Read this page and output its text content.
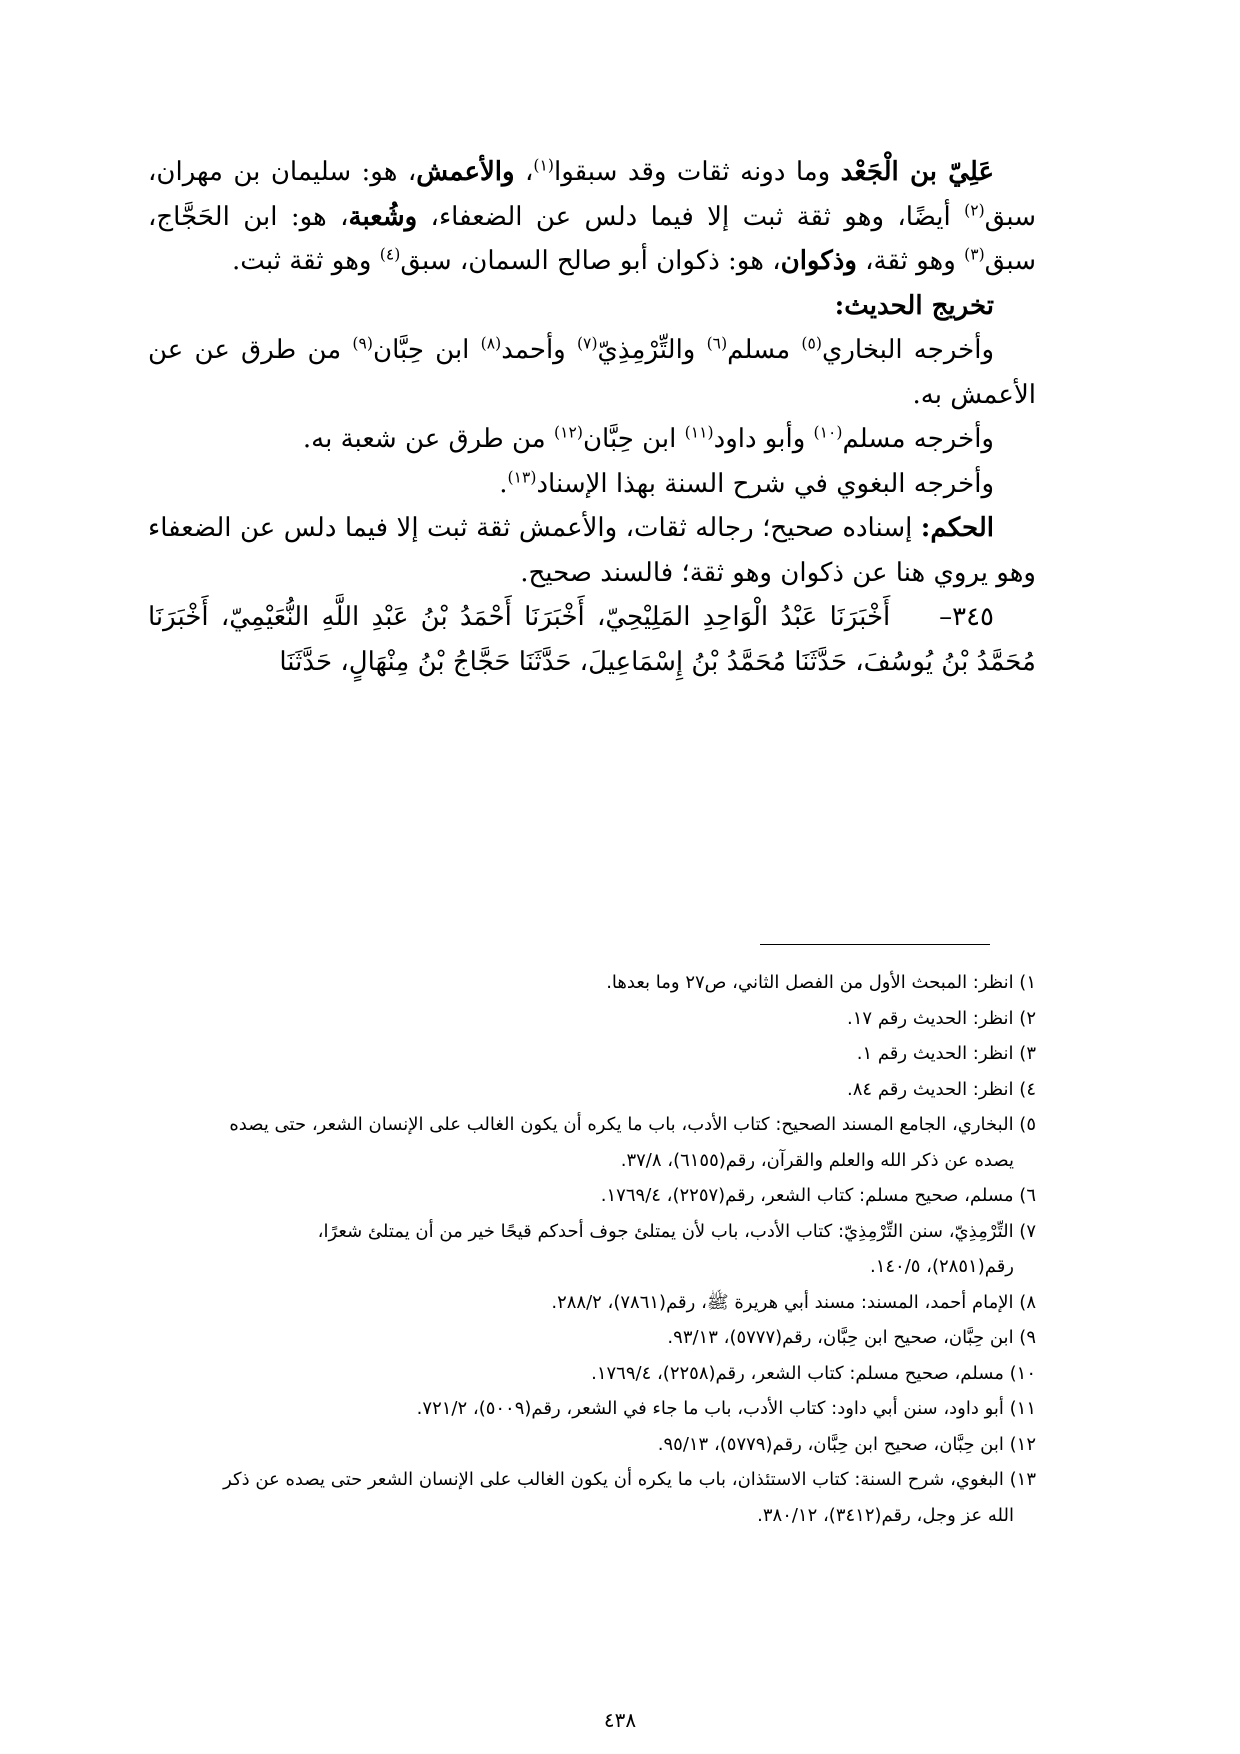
عَلِيّ بن الْجَعْد وما دونه ثقات وقد سبقوا$^{(١)}$، والأعمش، هو: سليمان بن مهران، سبق$^{(٢)}$ أيضًا، وهو ثقة ثبت إلا فيما دلس عن الضعفاء، وشُعبة، هو: ابن الحَجَّاج، سبق$^{(٣)}$ وهو ثقة، وذكوان، هو: ذكوان أبو صالح السمان، سبق$^{(٤)}$ وهو ثقة ثبت.

تخريج الحديث:

وأخرجه البخاري$^{(٥)}$ مسلم$^{(٦)}$ والتِّرْمِذِيّ$^{(٧)}$ وأحمد$^{(٨)}$ ابن حِبَّان$^{(٩)}$ من طرق عن عن الأعمش به.

وأخرجه مسلم$^{(١٠)}$ وأبو داود$^{(١١)}$ ابن حِبَّان$^{(١٢)}$ من طرق عن شعبة به.

وأخرجه البغوي في شرح السنة بهذا الإسناد$^{(١٣)}$.

الحكم: إسناده صحيح؛ رجاله ثقات، والأعمش ثقة ثبت إلا فيما دلس عن الضعفاء وهو يروي هنا عن ذكوان وهو ثقة؛ فالسند صحيح.

٣٤٥–    أَخْبَرَنَا عَبْدُ الْوَاحِدِ المَلِيْحِيّ، أَخْبَرَنَا أَحْمَدُ بْنُ عَبْدِ اللَّهِ النُّعَيْمِيّ، أَخْبَرَنَا مُحَمَّدُ بْنُ يُوسُفَ، حَدَّثَنَا مُحَمَّدُ بْنُ إِسْمَاعِيلَ، حَدَّثَنَا حَجَّاجُ بْنُ مِنْهَالٍ، حَدَّثَنَا

١) انظر: المبحث الأول من الفصل الثاني، ص٢٧ وما بعدها.

٢) انظر: الحديث رقم ١٧.

٣) انظر: الحديث رقم ١.

٤) انظر: الحديث رقم ٨٤.

٥) البخاري، الجامع المسند الصحيح: كتاب الأدب، باب ما يكره أن يكون الغالب على الإنسان الشعر، حتى يصده

يصده عن ذكر الله والعلم والقرآن، رقم(٦١٥٥)، ٣٧/٨.

٦) مسلم، صحيح مسلم: كتاب الشعر، رقم(٢٢٥٧)، ١٧٦٩/٤.

٧) التِّرْمِذِيّ، سنن التِّرْمِذِيّ: كتاب الأدب، باب لأن يمتلئ جوف أحدكم قيحًا خير من أن يمتلئ شعرًا،

رقم(٢٨٥١)، ١٤٠/٥.

٨) الإمام أحمد، المسند: مسند أبي هريرة ﷺ، رقم(٧٨٦١)، ٢٨٨/٢.

٩) ابن حِبَّان، صحيح ابن حِبَّان، رقم(٥٧٧٧)، ٩٣/١٣.

١٠) مسلم، صحيح مسلم: كتاب الشعر، رقم(٢٢٥٨)، ١٧٦٩/٤.

١١) أبو داود، سنن أبي داود: كتاب الأدب، باب ما جاء في الشعر، رقم(٥٠٠٩)، ٧٢١/٢.

١٢) ابن حِبَّان، صحيح ابن حِبَّان، رقم(٥٧٧٩)، ٩٥/١٣.

١٣) البغوي، شرح السنة: كتاب الاستئذان، باب ما يكره أن يكون الغالب على الإنسان الشعر حتى يصده عن ذكر

الله عز وجل، رقم(٣٤١٢)، ٣٨٠/١٢.

٤٣٨
